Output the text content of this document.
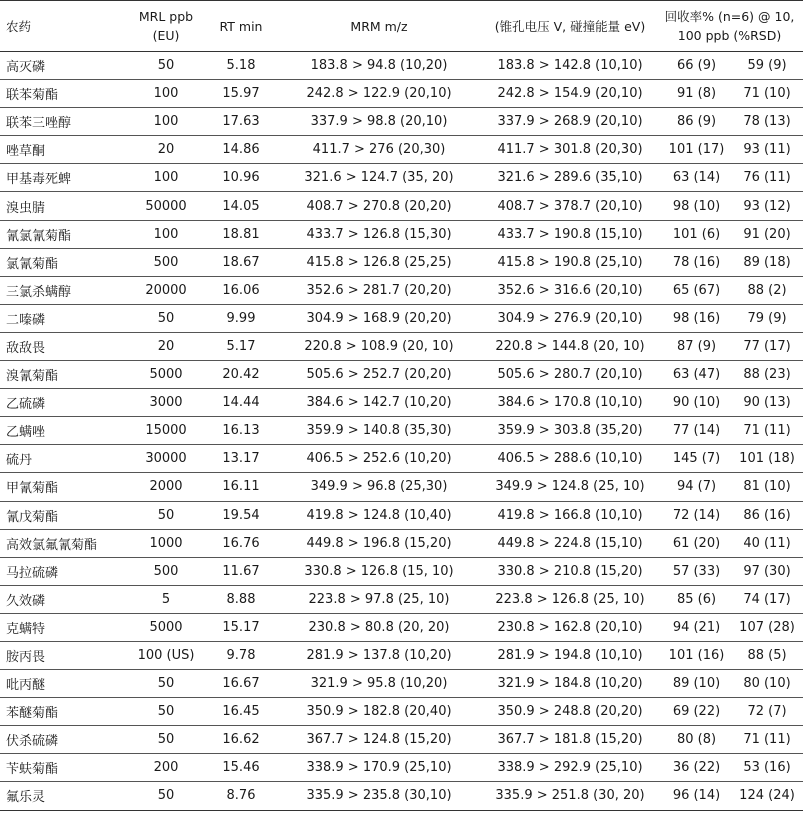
农药	MRL ppb (EU)	RT min	MRM m/z	(锥孔电压 V, 碰撞能量 eV)	回收率% (n=6) @ 10, 100 ppb (%RSD)	
高灭磷	50	5.18	183.8 > 94.8 (10,20)	183.8 > 142.8 (10,10)	66 (9)	59 (9)
联苯菊酯	100	15.97	242.8 > 122.9 (20,10)	242.8 > 154.9 (20,10)	91 (8)	71 (10)
联苯三唑醇	100	17.63	337.9 > 98.8 (20,10)	337.9 > 268.9 (20,10)	86 (9)	78 (13)
唑草酮	20	14.86	411.7 > 276 (20,30)	411.7 > 301.8 (20,30)	101 (17)	93 (11)
甲基毒死蜱	100	10.96	321.6 > 124.7 (35, 20)	321.6 > 289.6 (35,10)	63 (14)	76 (11)
溴虫腈	50000	14.05	408.7 > 270.8 (20,20)	408.7 > 378.7 (20,10)	98 (10)	93 (12)
氰氯氰菊酯	100	18.81	433.7 > 126.8 (15,30)	433.7 > 190.8 (15,10)	101 (6)	91 (20)
氯氰菊酯	500	18.67	415.8 > 126.8 (25,25)	415.8 > 190.8 (25,10)	78 (16)	89 (18)
三氯杀螨醇	20000	16.06	352.6 > 281.7 (20,20)	352.6 > 316.6 (20,10)	65 (67)	88 (2)
二嗪磷	50	9.99	304.9 > 168.9 (20,20)	304.9 > 276.9 (20,10)	98 (16)	79 (9)
敌敌畏	20	5.17	220.8 > 108.9 (20, 10)	220.8 > 144.8 (20, 10)	87 (9)	77 (17)
溴氰菊酯	5000	20.42	505.6 > 252.7 (20,20)	505.6 > 280.7 (20,10)	63 (47)	88 (23)
乙硫磷	3000	14.44	384.6 > 142.7 (10,20)	384.6 > 170.8 (10,10)	90 (10)	90 (13)
乙螨唑	15000	16.13	359.9 > 140.8 (35,30)	359.9 > 303.8 (35,20)	77 (14)	71 (11)
硫丹	30000	13.17	406.5 > 252.6 (10,20)	406.5 > 288.6 (10,10)	145 (7)	101 (18)
甲氰菊酯	2000	16.11	349.9 > 96.8 (25,30)	349.9 > 124.8 (25, 10)	94 (7)	81 (10)
氰戊菊酯	50	19.54	419.8 > 124.8 (10,40)	419.8 > 166.8 (10,10)	72 (14)	86 (16)
高效氯氟氰菊酯	1000	16.76	449.8 > 196.8 (15,20)	449.8 > 224.8 (15,10)	61 (20)	40 (11)
马拉硫磷	500	11.67	330.8 > 126.8 (15, 10)	330.8 > 210.8 (15,20)	57 (33)	97 (30)
久效磷	5	8.88	223.8 > 97.8 (25, 10)	223.8 > 126.8 (25, 10)	85 (6)	74 (17)
克螨特	5000	15.17	230.8 > 80.8 (20, 20)	230.8 > 162.8 (20,10)	94 (21)	107 (28)
胺丙畏	100 (US)	9.78	281.9 > 137.8 (10,20)	281.9 > 194.8 (10,10)	101 (16)	88 (5)
吡丙醚	50	16.67	321.9 > 95.8 (10,20)	321.9 > 184.8 (10,20)	89 (10)	80 (10)
苯醚菊酯	50	16.45	350.9 > 182.8 (20,40)	350.9 > 248.8 (20,20)	69 (22)	72 (7)
伏杀硫磷	50	16.62	367.7 > 124.8 (15,20)	367.7 > 181.8 (15,20)	80 (8)	71 (11)
苄蚨菊酯	200	15.46	338.9 > 170.9 (25,10)	338.9 > 292.9 (25,10)	36 (22)	53 (16)
氟乐灵	50	8.76	335.9 > 235.8 (30,10)	335.9 > 251.8 (30, 20)	96 (14)	124 (24)
